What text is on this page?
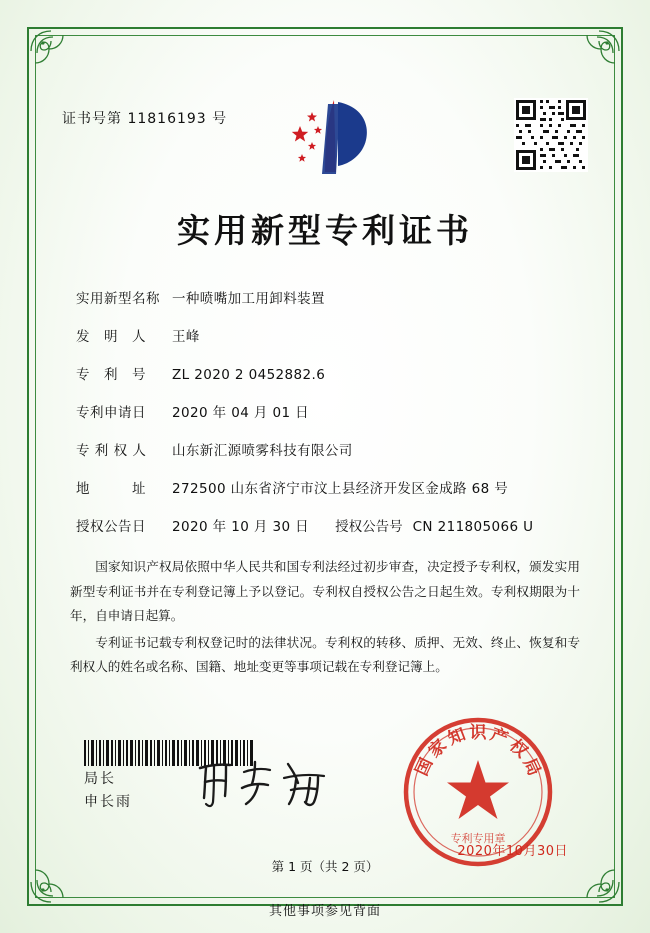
证书号第 11816193 号
实用新型专利证书
实用新型名称 一种喷嘴加工用卸料装置
发　明　人	王峰
专　利　号	ZL 2020 2 0452882.6
专利申请日	2020 年 04 月 01 日
专 利 权 人	山东新汇源喷雾科技有限公司
地　　　址	272500 山东省济宁市汶上县经济开发区金成路 68 号
授权公告日	2020 年 10 月 30 日 授权公告号 CN 211805066 U

国家知识产权局依照中华人民共和国专利法经过初步审查，决定授予专利权，颁发实用新型专利证书并在专利登记簿上予以登记。专利权自授权公告之日起生效。专利权期限为十年，自申请日起算。

专利证书记载专利权登记时的法律状况。专利权的转移、质押、无效、终止、恢复和专利权人的姓名或名称、国籍、地址变更等事项记载在专利登记簿上。

局长
申长雨
国
家
知 识 产
权
局
专利专用章
2020年10月30日
第 1 页（共 2 页）
其他事项参见背面
